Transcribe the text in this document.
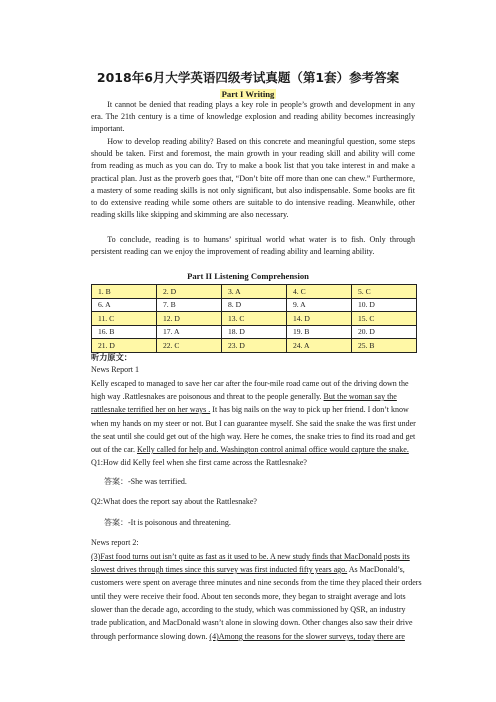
2018年6月大学英语四级考试真题（第1套）参考答案
Part I Writing

It cannot be denied that reading plays a key role in people’s growth and development in any era. The 21th century is a time of knowledge explosion and reading ability becomes increasingly important.

How to develop reading ability? Based on this concrete and meaningful question, some steps should be taken. First and foremost, the main growth in your reading skill and ability will come from reading as much as you can do. Try to make a book list that you take interest in and make a practical plan. Just as the proverb goes that, “Don’t bite off more than one can chew.” Furthermore, a mastery of some reading skills is not only significant, but also indispensable. Some books are fit to do extensive reading while some others are suitable to do intensive reading. Meanwhile, other reading skills like skipping and skimming are also necessary.

To conclude, reading is to humans’ spiritual world what water is to fish. Only through persistent reading can we enjoy the improvement of reading ability and learning ability.

Part II Listening Comprehension
1. B	2. D	3. A	4. C	5. C
6. A	7. B	8. D	9. A	10. D
11. C	12. D	13. C	14. D	15. C
16. B	17. A	18. D	19. B	20. D
21. D	22. C	23. D	24. A	25. B
听力原文：
News Report 1
Kelly escaped to managed to save her car after the four-mile road came out of the driving down the
high way .Rattlesnakes are poisonous and threat to the people generally. But the woman say the
rattlesnake terrified her on her ways . It has big nails on the way to pick up her friend. I don’t know
when my hands on my steer or not. But I can guarantee myself. She said the snake the was first under
the seat until she could get out of the high way. Here he comes, the snake tries to find its road and get
out of the car. Kelly called for help and. Washington control animal office would capture the snake.
Q1:How did Kelly feel when she first came across the Rattlesnake?
答案：-She was terrified.
Q2:What does the report say about the Rattlesnake?
答案：-It is poisonous and threatening.
News report 2:
(3)Fast food turns out isn’t quite as fast as it used to be. A new study finds that MacDonald posts its
slowest drives through times since this survey was first inducted fifty years ago. As MacDonald’s,
customers were spent on average three minutes and nine seconds from the time they placed their orders
until they were receive their food. About ten seconds more, they began to straight average and lots
slower than the decade ago, according to the study, which was commissioned by QSR, an industry
trade publication, and MacDonald wasn’t alone in slowing down. Other changes also saw their drive
through performance slowing down. (4)Among the reasons for the slower surveys, today there are
